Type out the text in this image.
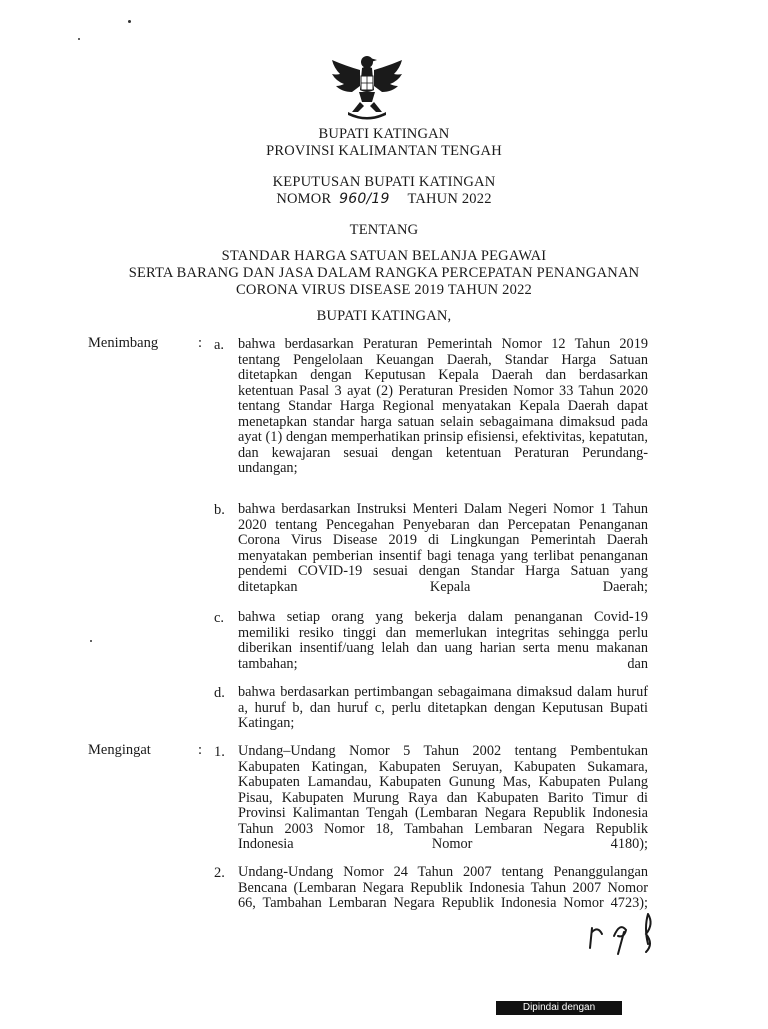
BUPATI KATINGAN
PROVINSI KALIMANTAN TENGAH
KEPUTUSAN BUPATI KATINGAN
NOMOR 960/19 TAHUN 2022
TENTANG
STANDAR HARGA SATUAN BELANJA PEGAWAI
SERTA BARANG DAN JASA DALAM RANGKA PERCEPATAN PENANGANAN
CORONA VIRUS DISEASE 2019 TAHUN 2022
BUPATI KATINGAN,
Menimbang	: a. bahwa berdasarkan Peraturan Pemerintah Nomor 12 Tahun 2019 tentang Pengelolaan Keuangan Daerah, Standar Harga Satuan ditetapkan dengan Keputusan Kepala Daerah dan berdasarkan ketentuan Pasal 3 ayat (2) Peraturan Presiden Nomor 33 Tahun 2020 tentang Standar Harga Regional menyatakan Kepala Daerah dapat menetapkan standar harga satuan selain sebagaimana dimaksud pada ayat (1) dengan memperhatikan prinsip efisiensi, efektivitas, kepatutan, dan kewajaran sesuai dengan ketentuan Peraturan Perundang-undangan;
b. bahwa berdasarkan Instruksi Menteri Dalam Negeri Nomor 1 Tahun 2020 tentang Pencegahan Penyebaran dan Percepatan Penanganan Corona Virus Disease 2019 di Lingkungan Pemerintah Daerah menyatakan pemberian insentif bagi tenaga yang terlibat penanganan pendemi COVID-19 sesuai dengan Standar Harga Satuan yang ditetapkan Kepala Daerah;
c. bahwa setiap orang yang bekerja dalam penanganan Covid-19 memiliki resiko tinggi dan memerlukan integritas sehingga perlu diberikan insentif/uang lelah dan uang harian serta menu makanan tambahan; dan
d. bahwa berdasarkan pertimbangan sebagaimana dimaksud dalam huruf a, huruf b, dan huruf c, perlu ditetapkan dengan Keputusan Bupati Katingan;
Mengingat	: 1. Undang–Undang Nomor 5 Tahun 2002 tentang Pembentukan Kabupaten Katingan, Kabupaten Seruyan, Kabupaten Sukamara, Kabupaten Lamandau, Kabupaten Gunung Mas, Kabupaten Pulang Pisau, Kabupaten Murung Raya dan Kabupaten Barito Timur di Provinsi Kalimantan Tengah (Lembaran Negara Republik Indonesia Tahun 2003 Nomor 18, Tambahan Lembaran Negara Republik Indonesia Nomor 4180);
2. Undang-Undang Nomor 24 Tahun 2007 tentang Penanggulangan Bencana (Lembaran Negara Republik Indonesia Tahun 2007 Nomor 66, Tambahan Lembaran Negara Republik Indonesia Nomor 4723);
Dipindai dengan CamScanner
